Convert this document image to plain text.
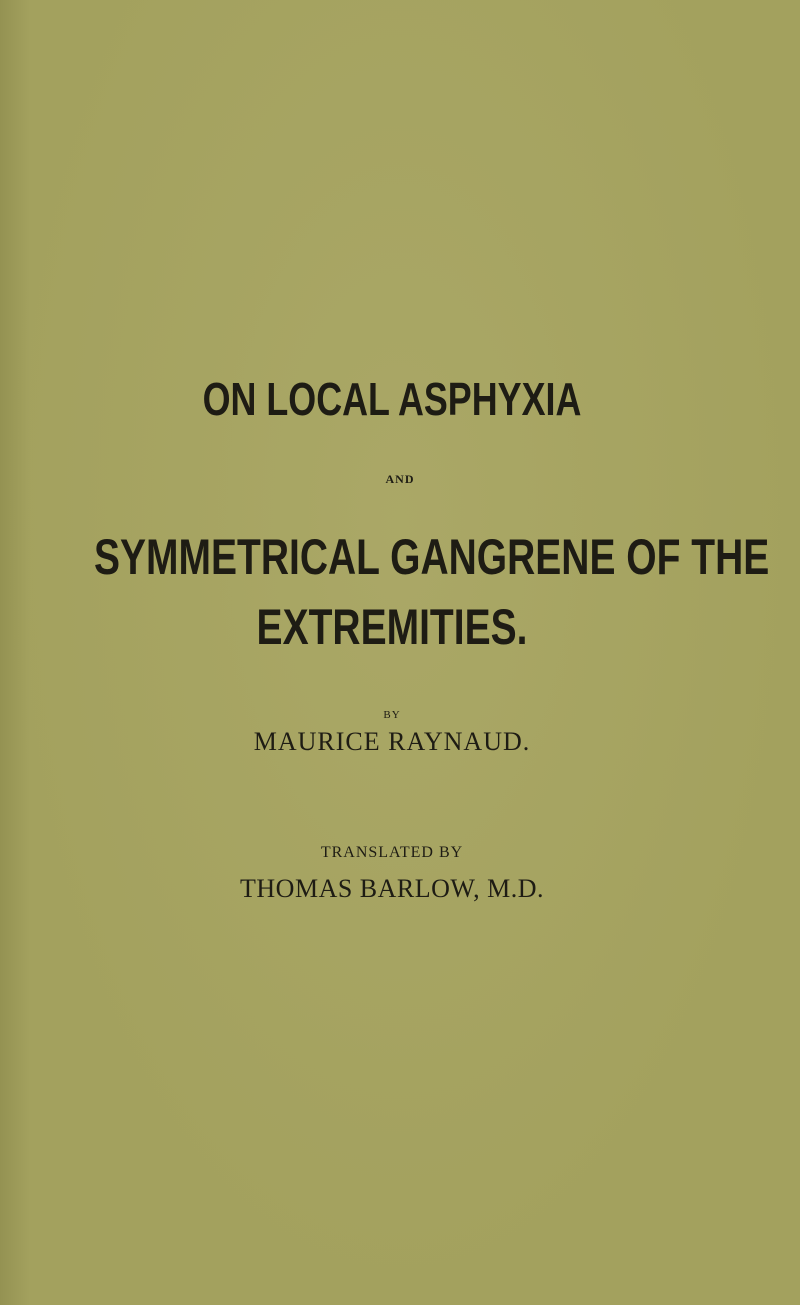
ON LOCAL ASPHYXIA
AND
SYMMETRICAL GANGRENE OF THE
EXTREMITIES.
BY
MAURICE RAYNAUD.
TRANSLATED BY
THOMAS BARLOW, M.D.
